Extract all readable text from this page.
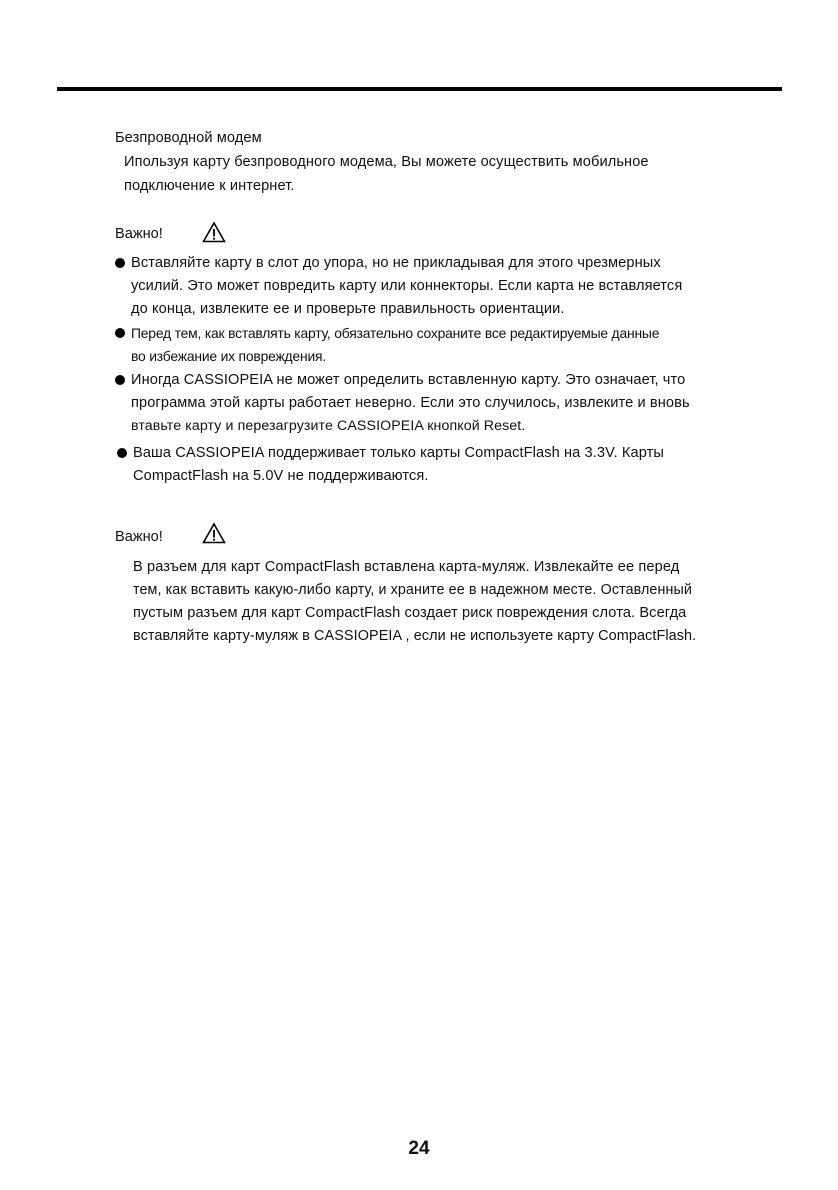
Безпроводной модем
Ипользуя карту безпроводного модема, Вы можете осуществить мобильное
подключение к интернет.
Важно!
Вставляйте карту в слот до упора, но не прикладывая для этого чрезмерных
усилий. Это может повредить карту или коннекторы. Если карта не вставляется
до конца, извлеките ее и проверьте правильность ориентации.
Перед тем, как вставлять карту, обязательно сохраните все редактируемые данные
во избежание их повреждения.
Иногда CASSIOPEIA не может определить вставленную карту. Это означает, что
программа этой карты работает неверно. Если это случилось, извлеките и вновь
втавьте карту и перезагрузите CASSIOPEIA кнопкой Reset.
Ваша CASSIOPEIA поддерживает только карты CompactFlash на 3.3V. Карты
CompactFlash на 5.0V не поддерживаются.
Важно!
В разъем для карт CompactFlash вставлена карта-муляж. Извлекайте ее перед
тем, как вставить какую-либо карту, и храните ее в надежном месте. Оставленный
пустым разъем для карт CompactFlash создает риск повреждения слота. Всегда
вставляйте карту-муляж в CASSIOPEIA , если не используете карту CompactFlash.
24
